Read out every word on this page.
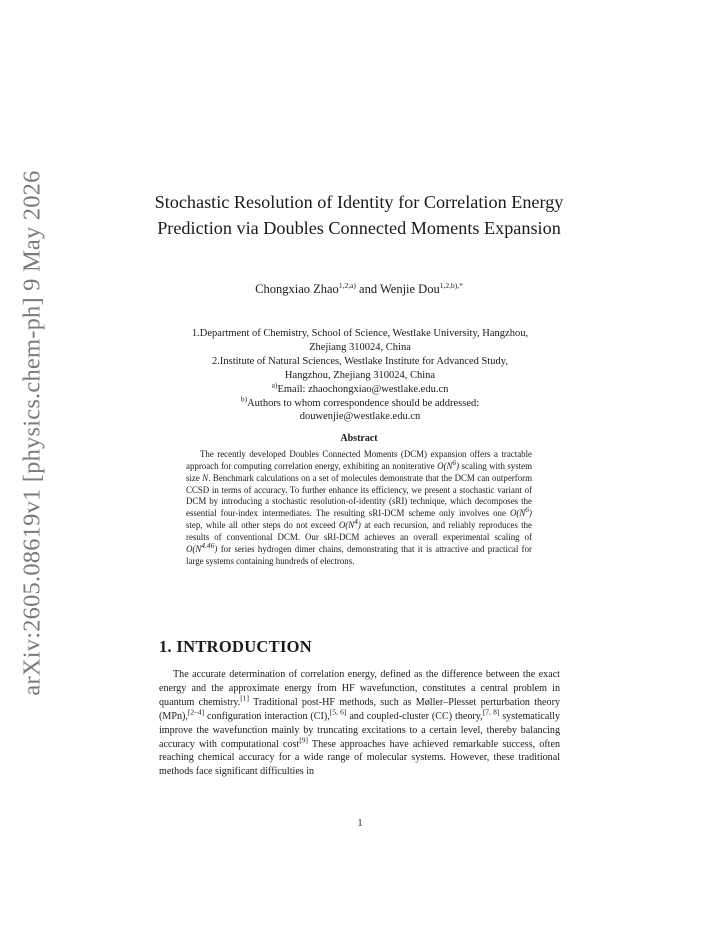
arXiv:2605.08619v1 [physics.chem-ph] 9 May 2026	Stochastic Resolution of Identity for Correlation Energy Prediction via Doubles Connected Moments Expansion
Chongxiao Zhao$^{1,2,a)}$ and Wenjie Dou$^{1,2,b),*}$
1.Department of Chemistry, School of Science, Westlake University, Hangzhou,
Zhejiang 310024, China
2.Institute of Natural Sciences, Westlake Institute for Advanced Study,
Hangzhou, Zhejiang 310024, China
$^{a)}$Email: zhaochongxiao@westlake.edu.cn
$^{b)}$Authors to whom correspondence should be addressed:
douwenjie@westlake.edu.cn
Abstract
The recently developed Doubles Connected Moments (DCM) expansion offers a tractable approach for computing correlation energy, exhibiting an noniterative $O(N^6)$ scaling with system size N. Benchmark calculations on a set of molecules demonstrate that the DCM can outperform CCSD in terms of accuracy. To further enhance its efficiency, we present a stochastic variant of DCM by introducing a stochastic resolution-of-identity (sRI) technique, which decomposes the essential four-index intermediates. The resulting sRI-DCM scheme only involves one $O(N^6)$ step, while all other steps do not exceed $O(N^4)$ at each recursion, and reliably reproduces the results of conventional DCM. Our sRI-DCM achieves an overall experimental scaling of $O(N^{4.46})$ for series hydrogen dimer chains, demonstrating that it is attractive and practical for large systems containing hundreds of electrons.
1. INTRODUCTION
The accurate determination of correlation energy, defined as the difference between the exact energy and the approximate energy from HF wavefunction, constitutes a central problem in quantum chemistry.[1] Traditional post-HF methods, such as Møller–Plesset perturbation theory (MPn),[2–4] configuration interaction (CI),[5, 6] and coupled-cluster (CC) theory,[7, 8] systematically improve the wavefunction mainly by truncating excitations to a certain level, thereby balancing accuracy with computational cost[9] These approaches have achieved remarkable success, often reaching chemical accuracy for a wide range of molecular systems. However, these traditional methods face significant difficulties in
1
